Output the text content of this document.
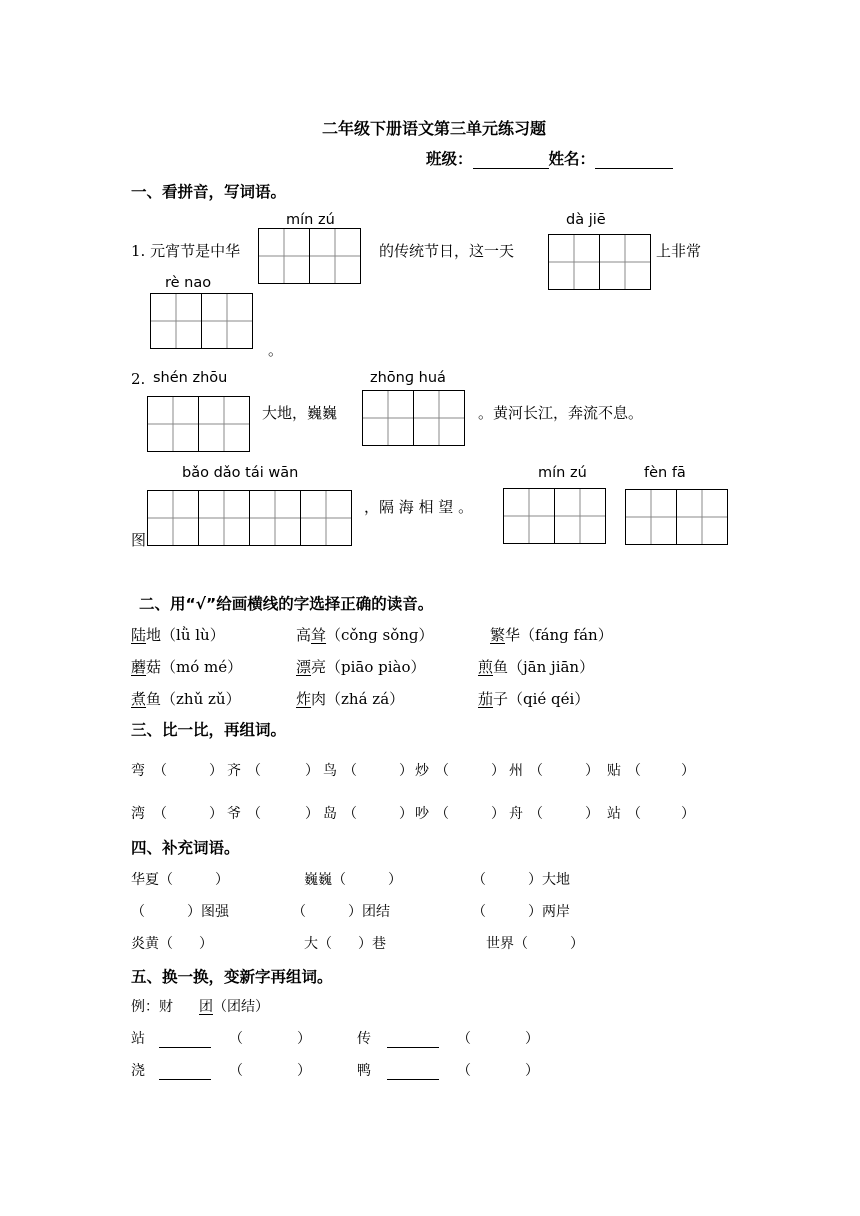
二年级下册语文第三单元练习题
班级：	姓名：
一、看拼音，写词语。
mín zú	dà jiē
1. 元宵节是中华	的传统节日，这一天	上非常
rè nao
。
2. shén zhōu	zhōnɡ huá
大地，巍巍	。黄河长江，奔流不息。
bǎo dǎo tái wān	mín zú	fèn fā
图
，隔 海 相 望 。
二、用“√”给画横线的字选择正确的读音。
陆地（lǜ lù）	高耸（cǒnɡ sǒnɡ）	繁华（fánɡ fán）
蘑菇（mó mé）	漂亮（piāo piào）	煎鱼（jān jiān）
煮鱼（zhǔ zǔ）	炸肉（zhá zá）	茄子（qié qéi）
三、比一比，再组词。
弯 （	） 齐 （	） 鸟 （	） 炒 （	） 州 （	） 贴 （	）
湾 （	） 爷 （	） 岛 （	） 吵 （	） 舟 （	） 站 （	）
四、补充词语。
华夏（	）	巍巍（	）	（	）大地
（	）图强	（	）团结	（	）两岸
炎黄（ ）	大（ ）巷	世界（	）
五、换一换，变新字再组词。
例：财 团（团结）
站	（	）	传	（	）
浇	（	）	鸭	（	）
